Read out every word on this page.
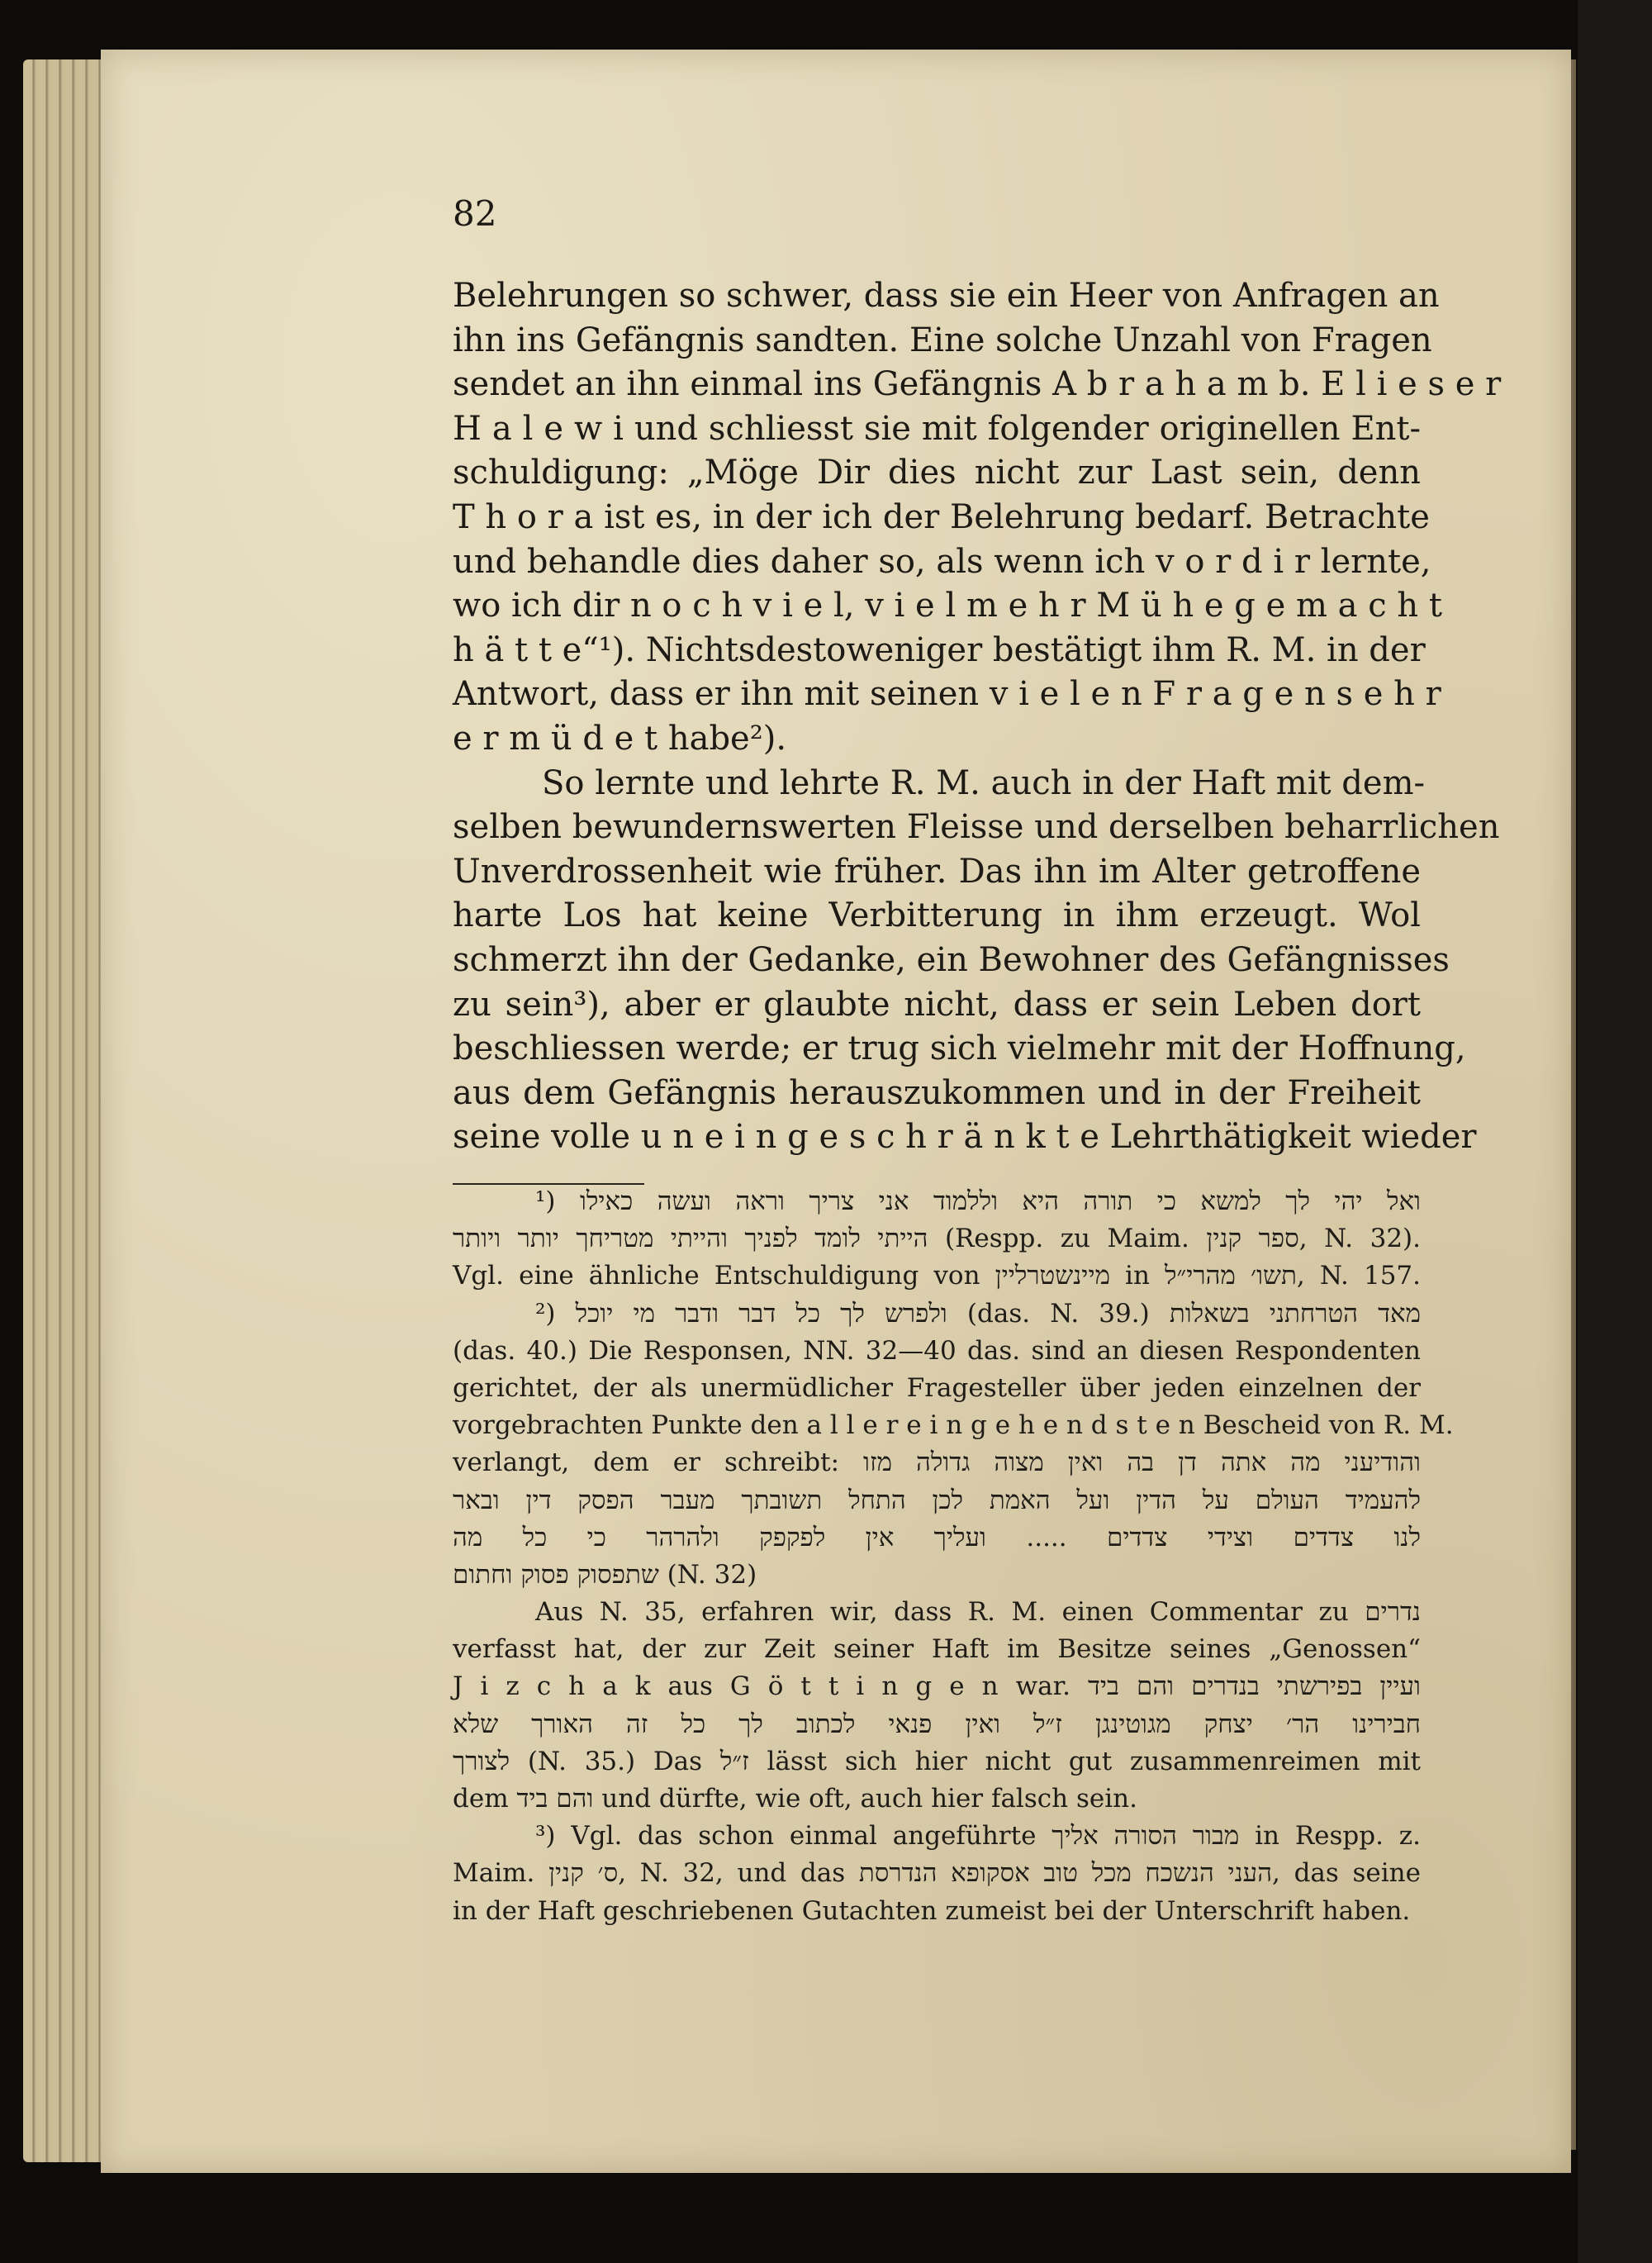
82
Belehrungen so schwer, dass sie ein Heer von Anfragen an
ihn ins Gefängnis sandten. Eine solche Unzahl von Fragen
sendet an ihn einmal ins Gefängnis A b r a h a m b. E l i e s e r
H a l e w i und schliesst sie mit folgender originellen Ent-
schuldigung: „Möge Dir dies nicht zur Last sein, denn
T h o r a ist es, in der ich der Belehrung bedarf. Betrachte
und behandle dies daher so, als wenn ich v o r d i r lernte,
wo ich dir n o c h v i e l, v i e l m e h r M ü h e g e m a c h t
h ä t t e“¹). Nichtsdestoweniger bestätigt ihm R. M. in der
Antwort, dass er ihn mit seinen v i e l e n F r a g e n s e h r
e r m ü d e t habe²).
So lernte und lehrte R. M. auch in der Haft mit dem-
selben bewundernswerten Fleisse und derselben beharrlichen
Unverdrossenheit wie früher. Das ihn im Alter getroffene
harte Los hat keine Verbitterung in ihm erzeugt. Wol
schmerzt ihn der Gedanke, ein Bewohner des Gefängnisses
zu sein³), aber er glaubte nicht, dass er sein Leben dort
beschliessen werde; er trug sich vielmehr mit der Hoffnung,
aus dem Gefängnis herauszukommen und in der Freiheit
seine volle u n e i n g e s c h r ä n k t e Lehrthätigkeit wieder
¹) ואל יהי לך למשא כי תורה היא וללמוד אני צריך וראה ועשה כאילו
הייתי לומד לפניך והייתי מטריחך יותר ויותר (Respp. zu Maim. ספר קנין, N. 32).
Vgl. eine ähnliche Entschuldigung von מיינשטרליין in תשו׳ מהרי״ל, N. 157.
²) ולפרש לך כל דבר ודבר מי יוכל (das. N. 39.) מאד הטרחתני בשאלות
(das. 40.) Die Responsen, NN. 32—40 das. sind an diesen Respondenten
gerichtet, der als unermüdlicher Fragesteller über jeden einzelnen der
vorgebrachten Punkte den a l l e r e i n g e h e n d s t e n Bescheid von R. M.
verlangt, dem er schreibt: והודיעני מה אתה דן בה ואין מצוה גדולה מזו
להעמיד העולם על הדין ועל האמת לכן התחל תשובתך מעבר הפסק דין ובאר
לנו צדדים וצידי צדדים ..... ועליך אין לפקפק ולהרהר כי כל מה
שתפסוק פסוק וחתום (N. 32)
Aus N. 35, erfahren wir, dass R. M. einen Commentar zu נדרים
verfasst hat, der zur Zeit seiner Haft im Besitze seines „Genossen“
J i z c h a k aus G ö t t i n g e n war. ועיין בפירשתי בנדרים והם ביד
חבירינו הר׳ יצחק מגוטינגן ז״ל ואין פנאי לכתוב לך כל זה האורך שלא
לצורך (N. 35.) Das ז״ל lässt sich hier nicht gut zusammenreimen mit
dem והם ביד und dürfte, wie oft, auch hier falsch sein.
³) Vgl. das schon einmal angeführte מבור הסורה אליך in Respp. z.
Maim. ס׳ קנין, N. 32, und das העני הנשכח מכל טוב אסקופא הנדרסת, das seine
in der Haft geschriebenen Gutachten zumeist bei der Unterschrift haben.
